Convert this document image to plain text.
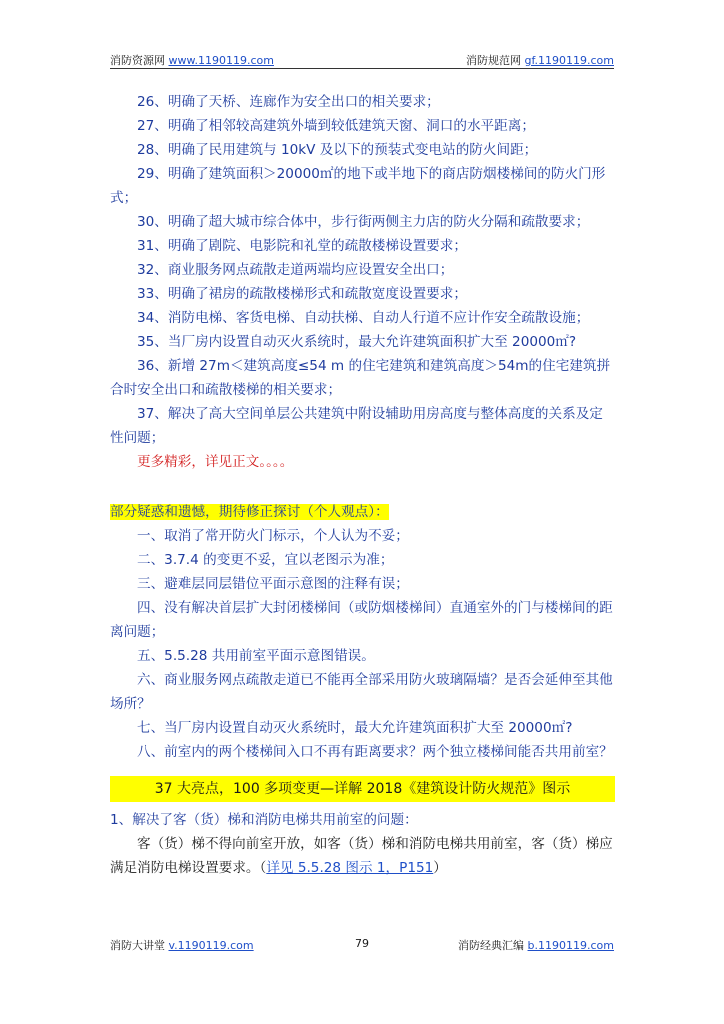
消防资源网 www.1190119.com	消防规范网 gf.1190119.com

26、明确了天桥、连廊作为安全出口的相关要求；

27、明确了相邻较高建筑外墙到较低建筑天窗、洞口的水平距离；

28、明确了民用建筑与 10kV 及以下的预装式变电站的防火间距；

29、明确了建筑面积＞20000㎡的地下或半地下的商店防烟楼梯间的防火门形式；

30、明确了超大城市综合体中，步行街两侧主力店的防火分隔和疏散要求；

31、明确了剧院、电影院和礼堂的疏散楼梯设置要求；

32、商业服务网点疏散走道两端均应设置安全出口；

33、明确了裙房的疏散楼梯形式和疏散宽度设置要求；

34、消防电梯、客货电梯、自动扶梯、自动人行道不应计作安全疏散设施；

35、当厂房内设置自动灭火系统时，最大允许建筑面积扩大至 20000㎡?

36、新增 27m＜建筑高度≤54 m 的住宅建筑和建筑高度＞54m的住宅建筑拼合时安全出口和疏散楼梯的相关要求；

37、解决了高大空间单层公共建筑中附设辅助用房高度与整体高度的关系及定性问题；

更多精彩，详见正文。。。。

部分疑惑和遗憾，期待修正探讨（个人观点）：

一、取消了常开防火门标示，个人认为不妥；

二、3.7.4 的变更不妥，宜以老图示为准；

三、避难层同层错位平面示意图的注释有误；

四、没有解决首层扩大封闭楼梯间（或防烟楼梯间）直通室外的门与楼梯间的距离问题；

五、5.5.28 共用前室平面示意图错误。

六、商业服务网点疏散走道已不能再全部采用防火玻璃隔墙？是否会延伸至其他场所？

七、当厂房内设置自动灭火系统时，最大允许建筑面积扩大至 20000㎡?

八、前室内的两个楼梯间入口不再有距离要求？两个独立楼梯间能否共用前室？

37 大亮点，100 多项变更—详解 2018《建筑设计防火规范》图示

1、解决了客（货）梯和消防电梯共用前室的问题：

客（货）梯不得向前室开放，如客（货）梯和消防电梯共用前室，客（货）梯应满足消防电梯设置要求。（详见 5.5.28 图示 1，P151）

消防大讲堂 v.1190119.com	79	消防经典汇编 b.1190119.com
